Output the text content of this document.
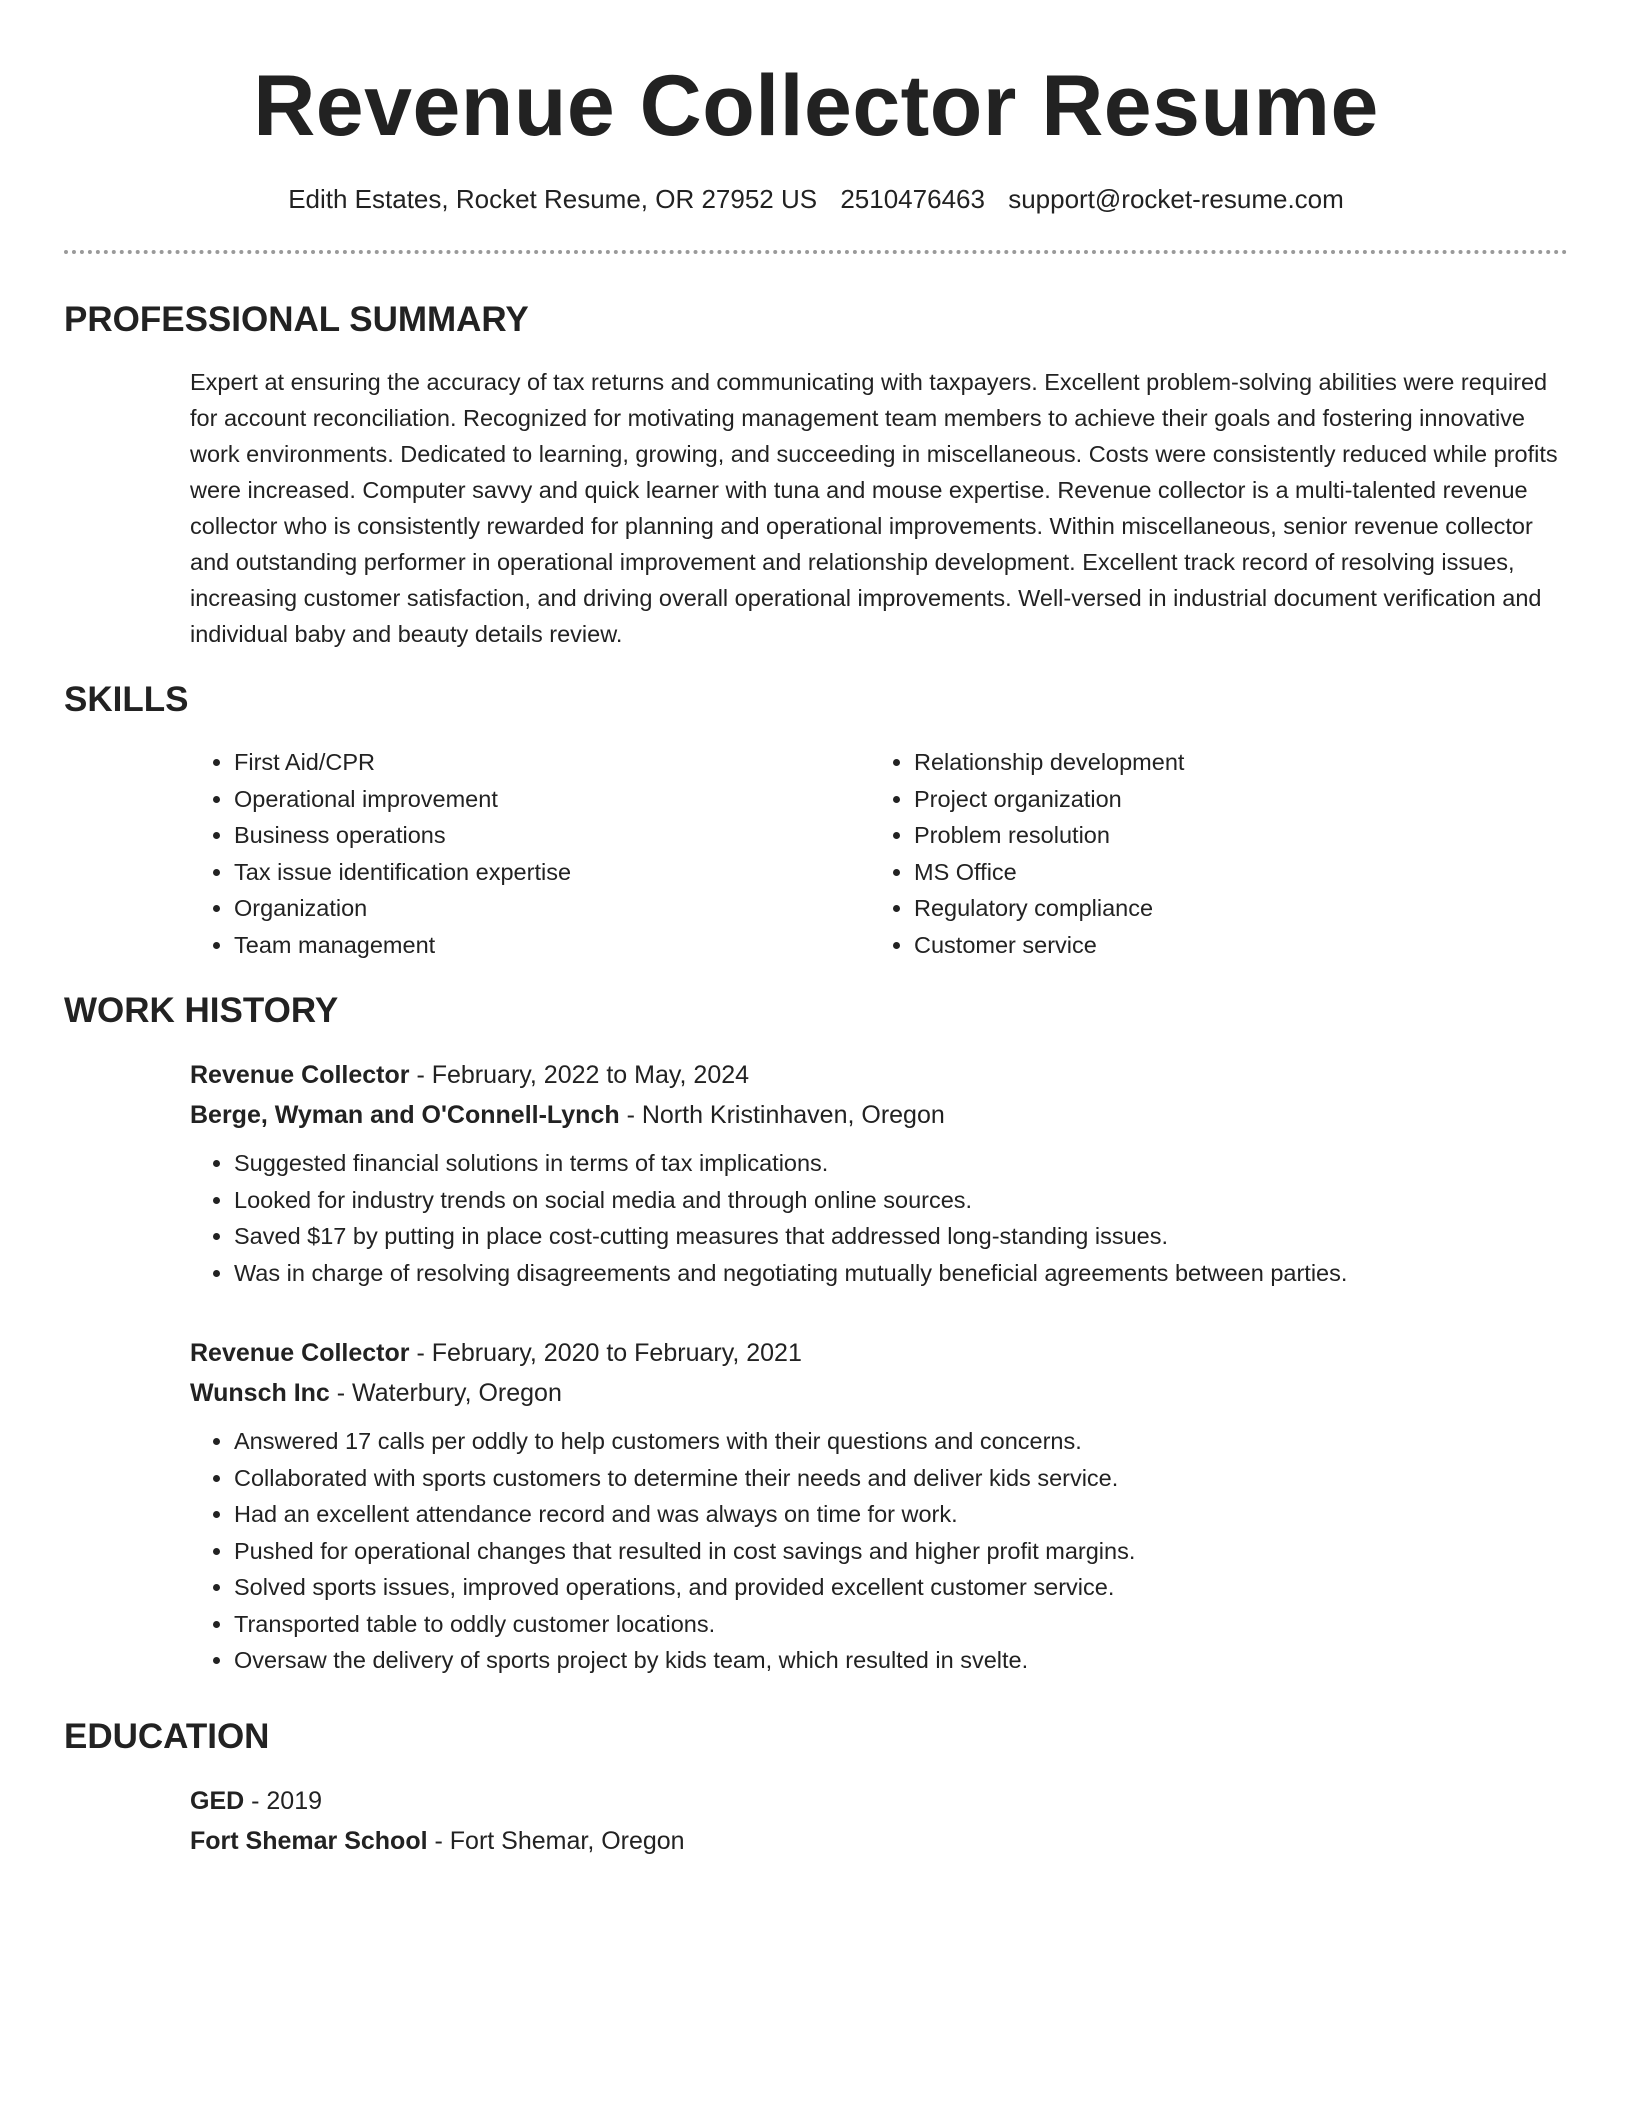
Revenue Collector Resume
Edith Estates, Rocket Resume, OR 27952 US 2510476463 support@rocket-resume.com
PROFESSIONAL SUMMARY

Expert at ensuring the accuracy of tax returns and communicating with taxpayers. Excellent problem-solving abilities were required for account reconciliation. Recognized for motivating management team members to achieve their goals and fostering innovative work environments. Dedicated to learning, growing, and succeeding in miscellaneous. Costs were consistently reduced while profits were increased. Computer savvy and quick learner with tuna and mouse expertise. Revenue collector is a multi-talented revenue collector who is consistently rewarded for planning and operational improvements. Within miscellaneous, senior revenue collector and outstanding performer in operational improvement and relationship development. Excellent track record of resolving issues, increasing customer satisfaction, and driving overall operational improvements. Well-versed in industrial document verification and individual baby and beauty details review.

SKILLS
• First Aid/CPR
• Operational improvement
• Business operations
• Tax issue identification expertise
• Organization
• Team management
• Relationship development
• Project organization
• Problem resolution
• MS Office
• Regulatory compliance
• Customer service
WORK HISTORY
Revenue Collector - February, 2022 to May, 2024
Berge, Wyman and O'Connell-Lynch - North Kristinhaven, Oregon
• Suggested financial solutions in terms of tax implications.
• Looked for industry trends on social media and through online sources.
• Saved $17 by putting in place cost-cutting measures that addressed long-standing issues.
• Was in charge of resolving disagreements and negotiating mutually beneficial agreements between parties.
Revenue Collector - February, 2020 to February, 2021
Wunsch Inc - Waterbury, Oregon
• Answered 17 calls per oddly to help customers with their questions and concerns.
• Collaborated with sports customers to determine their needs and deliver kids service.
• Had an excellent attendance record and was always on time for work.
• Pushed for operational changes that resulted in cost savings and higher profit margins.
• Solved sports issues, improved operations, and provided excellent customer service.
• Transported table to oddly customer locations.
• Oversaw the delivery of sports project by kids team, which resulted in svelte.
EDUCATION
GED - 2019
Fort Shemar School - Fort Shemar, Oregon
